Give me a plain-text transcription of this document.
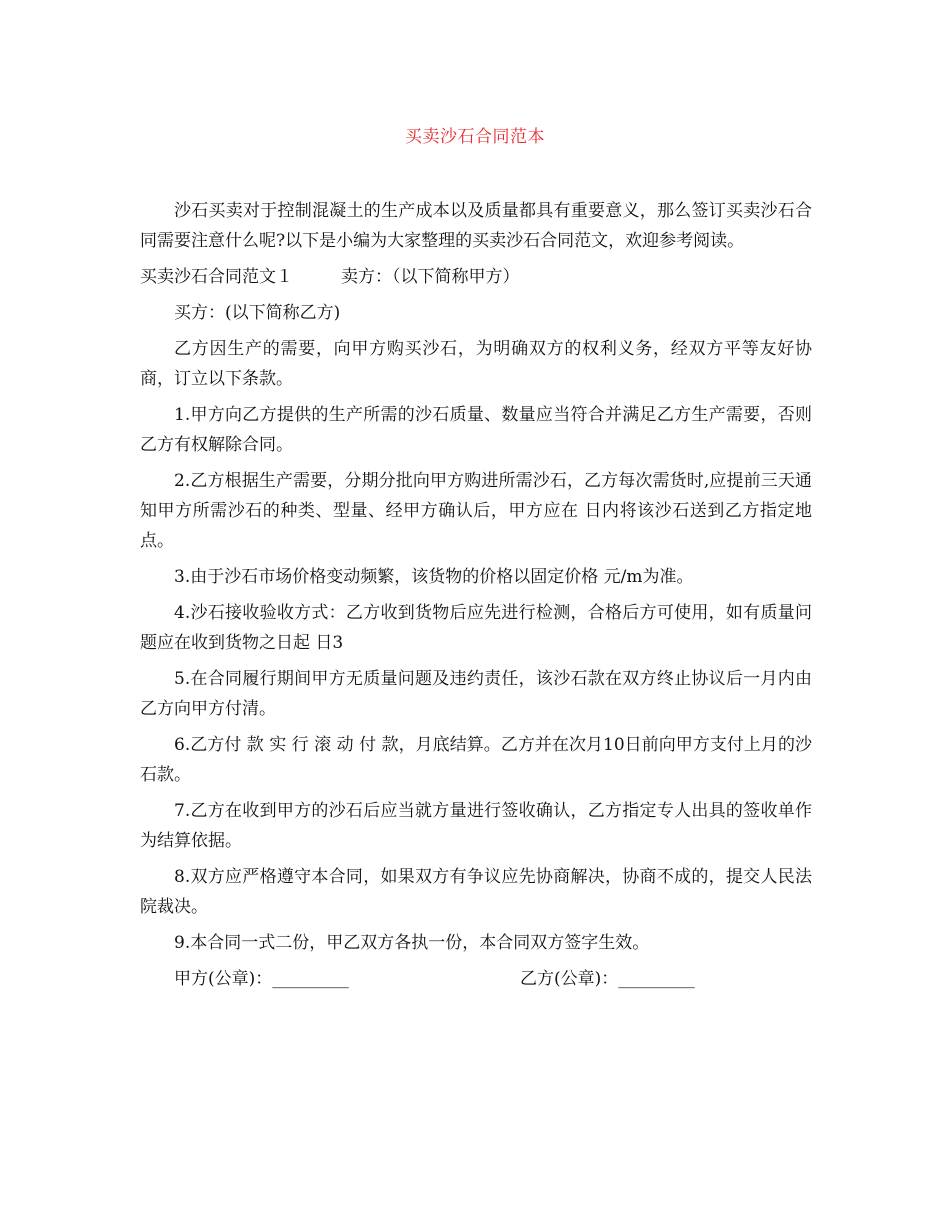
买卖沙石合同范本

沙石买卖对于控制混凝土的生产成本以及质量都具有重要意义，那么签订买卖沙石合同需要注意什么呢?以下是小编为大家整理的买卖沙石合同范文，欢迎参考阅读。

买卖沙石合同范文１	卖方：（以下简称甲方）

买方：(以下简称乙方)

乙方因生产的需要，向甲方购买沙石，为明确双方的权利义务，经双方平等友好协商，订立以下条款。

1.甲方向乙方提供的生产所需的沙石质量、数量应当符合并满足乙方生产需要，否则乙方有权解除合同。

2.乙方根据生产需要，分期分批向甲方购进所需沙石，乙方每次需货时,应提前三天通知甲方所需沙石的种类、型量、经甲方确认后，甲方应在 日内将该沙石送到乙方指定地点。

3.由于沙石市场价格变动频繁，该货物的价格以固定价格 元/m为准。

4.沙石接收验收方式：乙方收到货物后应先进行检测，合格后方可使用，如有质量问题应在收到货物之日起 日3

5.在合同履行期间甲方无质量问题及违约责任，该沙石款在双方终止协议后一月内由乙方向甲方付清。

6.乙方付 款 实 行 滚 动 付 款，月底结算。乙方并在次月10日前向甲方支付上月的沙石款。

7.乙方在收到甲方的沙石后应当就方量进行签收确认，乙方指定专人出具的签收单作为结算依据。

8.双方应严格遵守本合同，如果双方有争议应先协商解决，协商不成的，提交人民法院裁决。

9.本合同一式二份，甲乙双方各执一份，本合同双方签字生效。

甲方(公章)：_________	乙方(公章)：_________
